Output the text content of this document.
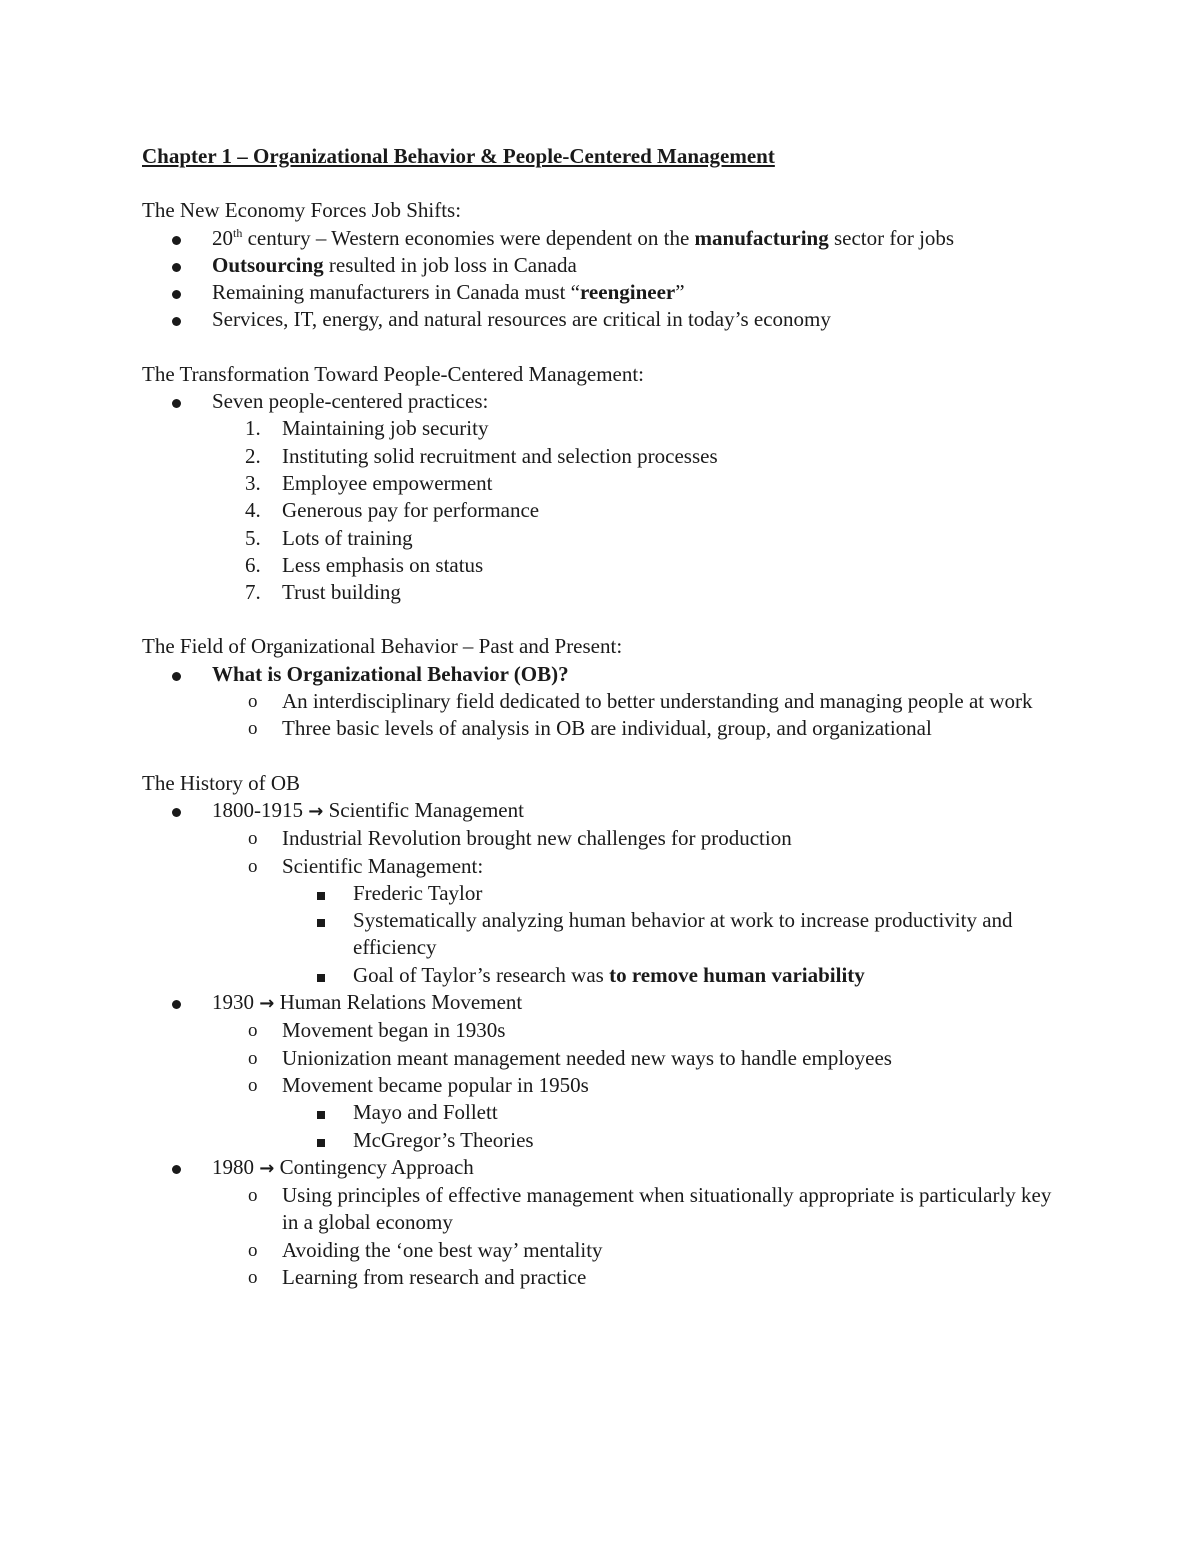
Chapter 1 – Organizational Behavior & People-Centered Management
The New Economy Forces Job Shifts:
20th century – Western economies were dependent on the manufacturing sector for jobs
Outsourcing resulted in job loss in Canada
Remaining manufacturers in Canada must “reengineer”
Services, IT, energy, and natural resources are critical in today’s economy
The Transformation Toward People-Centered Management:
Seven people-centered practices:
1. Maintaining job security
2. Instituting solid recruitment and selection processes
3. Employee empowerment
4. Generous pay for performance
5. Lots of training
6. Less emphasis on status
7. Trust building
The Field of Organizational Behavior – Past and Present:
What is Organizational Behavior (OB)?
o An interdisciplinary field dedicated to better understanding and managing people at work
o Three basic levels of analysis in OB are individual, group, and organizational
The History of OB
1800-1915 → Scientific Management
o Industrial Revolution brought new challenges for production
o Scientific Management:
Frederic Taylor
Systematically analyzing human behavior at work to increase productivity and efficiency
Goal of Taylor’s research was to remove human variability
1930 → Human Relations Movement
o Movement began in 1930s
o Unionization meant management needed new ways to handle employees
o Movement became popular in 1950s
Mayo and Follett
McGregor’s Theories
1980 → Contingency Approach
o Using principles of effective management when situationally appropriate is particularly key in a global economy
o Avoiding the ‘one best way’ mentality
o Learning from research and practice
